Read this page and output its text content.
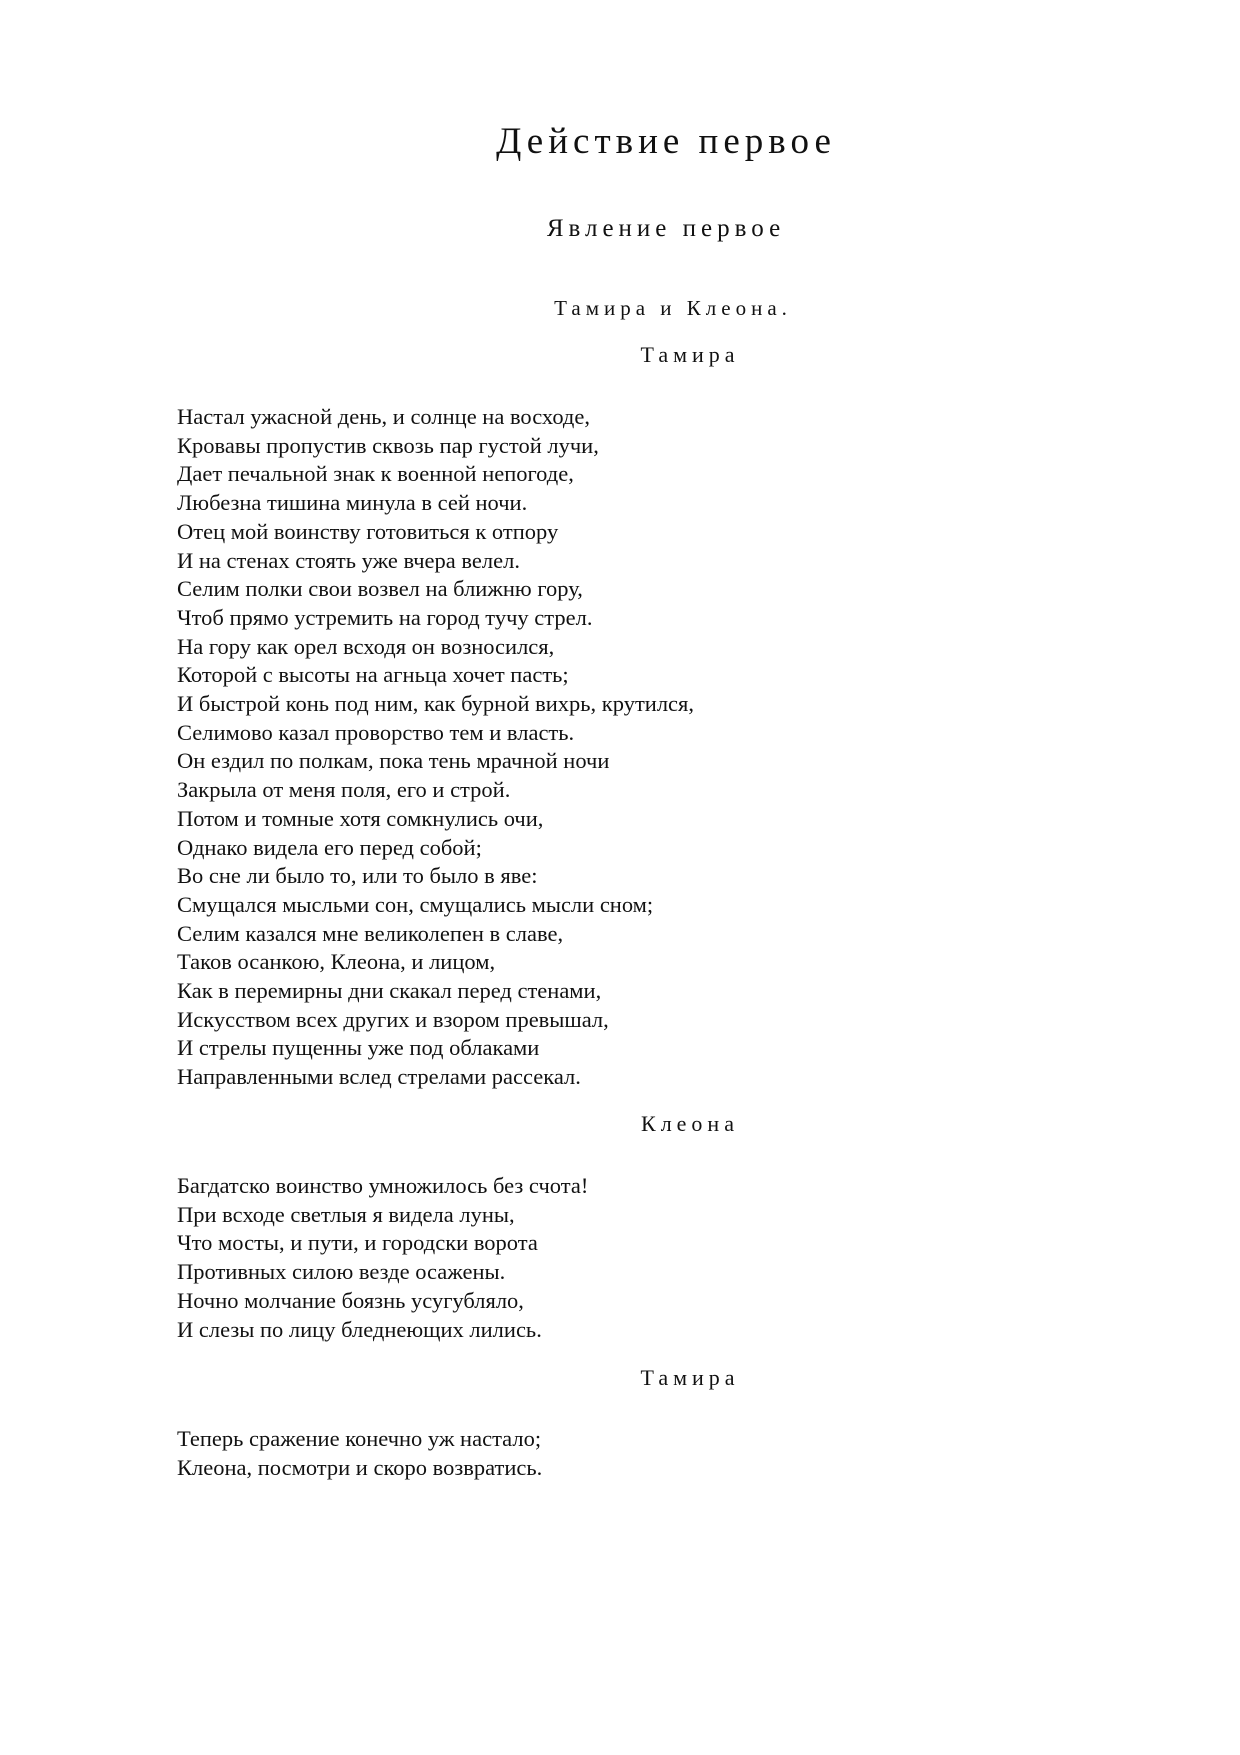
Действие первое
Явление первое

Тамира и Клеона.

Тамира

Настал ужасной день, и солнце на восходе,
Кровавы пропустив сквозь пар густой лучи,
Дает печальной знак к военной непогоде,
Любезна тишина минула в сей ночи.
Отец мой воинству готовиться к отпору
И на стенах стоять уже вчера велел.
Селим полки свои возвел на ближню гору,
Чтоб прямо устремить на город тучу стрел.
На гору как орел всходя он возносился,
Которой с высоты на агньца хочет пасть;
И быстрой конь под ним, как бурной вихрь, крутился,
Селимово казал проворство тем и власть.
Он ездил по полкам, пока тень мрачной ночи
Закрыла от меня поля, его и строй.
Потом и томные хотя сомкнулись очи,
Однако видела его перед собой;
Во сне ли было то, или то было в яве:
Смущался мысльми сон, смущались мысли сном;
Селим казался мне великолепен в славе,
Таков осанкою, Клеона, и лицом,
Как в перемирны дни скакал перед стенами,
Искусством всех других и взором превышал,
И стрелы пущенны уже под облаками
Направленными вслед стрелами рассекал.

Клеона

Багдатско воинство умножилось без счота!
При всходе светлыя я видела луны,
Что мосты, и пути, и городски ворота
Противных силою везде осажены.
Ночно молчание боязнь усугубляло,
И слезы по лицу бледнеющих лились.

Тамира

Теперь сражение конечно уж настало;
Клеона, посмотри и скоро возвратись.
